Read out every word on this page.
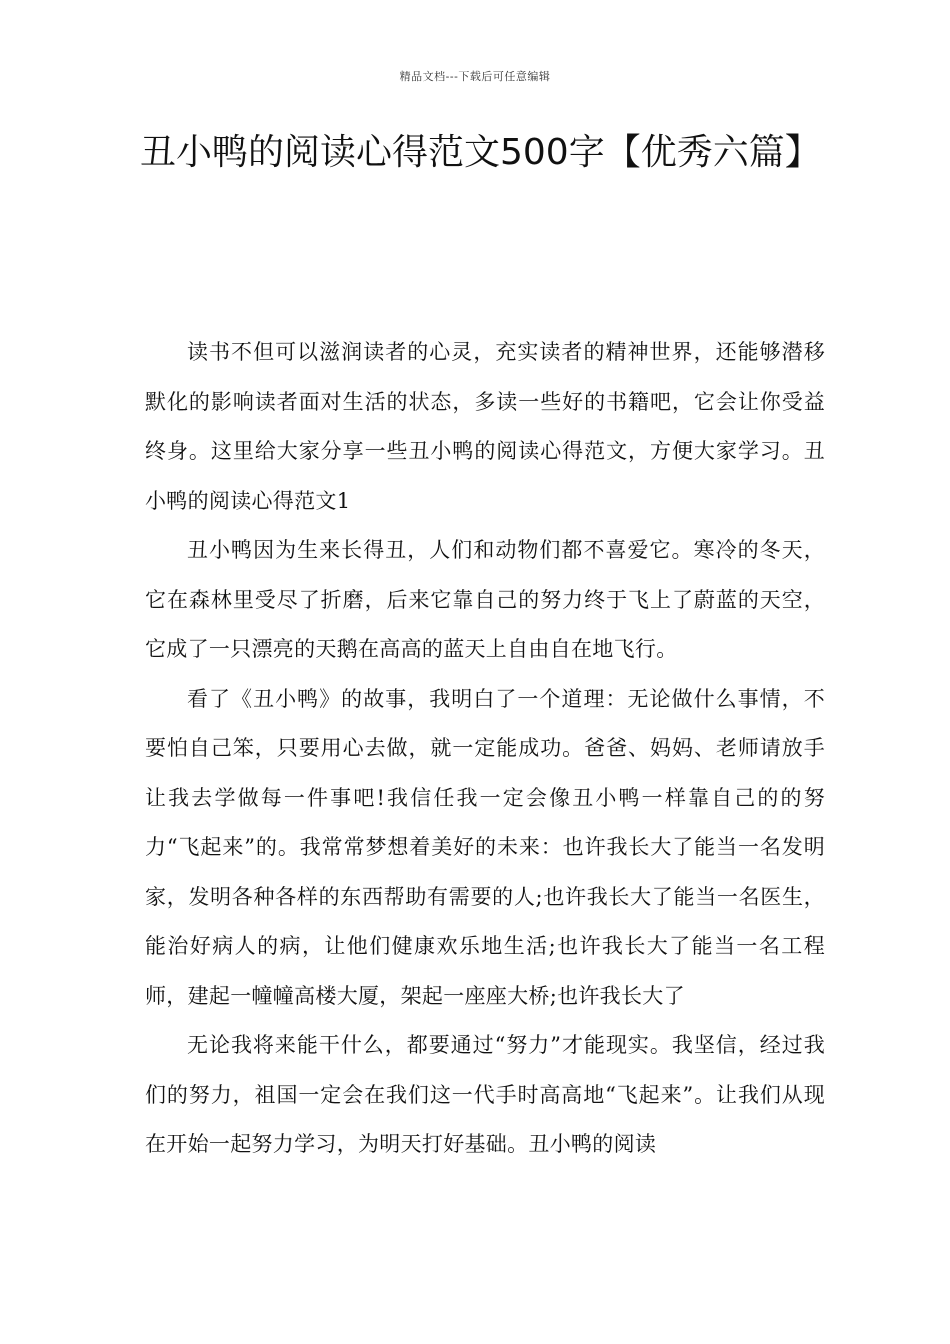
精品文档---下载后可任意编辑
丑小鸭的阅读心得范文500字【优秀六篇】

读书不但可以滋润读者的心灵，充实读者的精神世界，还能够潜移默化的影响读者面对生活的状态，多读一些好的书籍吧，它会让你受益终身。这里给大家分享一些丑小鸭的阅读心得范文，方便大家学习。丑小鸭的阅读心得范文1

丑小鸭因为生来长得丑，人们和动物们都不喜爱它。寒冷的冬天，它在森林里受尽了折磨，后来它靠自己的努力终于飞上了蔚蓝的天空，它成了一只漂亮的天鹅在高高的蓝天上自由自在地飞行。

看了《丑小鸭》的故事，我明白了一个道理：无论做什么事情，不要怕自己笨，只要用心去做，就一定能成功。爸爸、妈妈、老师请放手让我去学做每一件事吧!我信任我一定会像丑小鸭一样靠自己的的努力“飞起来”的。我常常梦想着美好的未来：也许我长大了能当一名发明家，发明各种各样的东西帮助有需要的人;也许我长大了能当一名医生，能治好病人的病，让他们健康欢乐地生活;也许我长大了能当一名工程师，建起一幢幢高楼大厦，架起一座座大桥;也许我长大了

无论我将来能干什么，都要通过“努力”才能现实。我坚信，经过我们的努力，祖国一定会在我们这一代手时高高地“飞起来”。让我们从现在开始一起努力学习，为明天打好基础。丑小鸭的阅读
